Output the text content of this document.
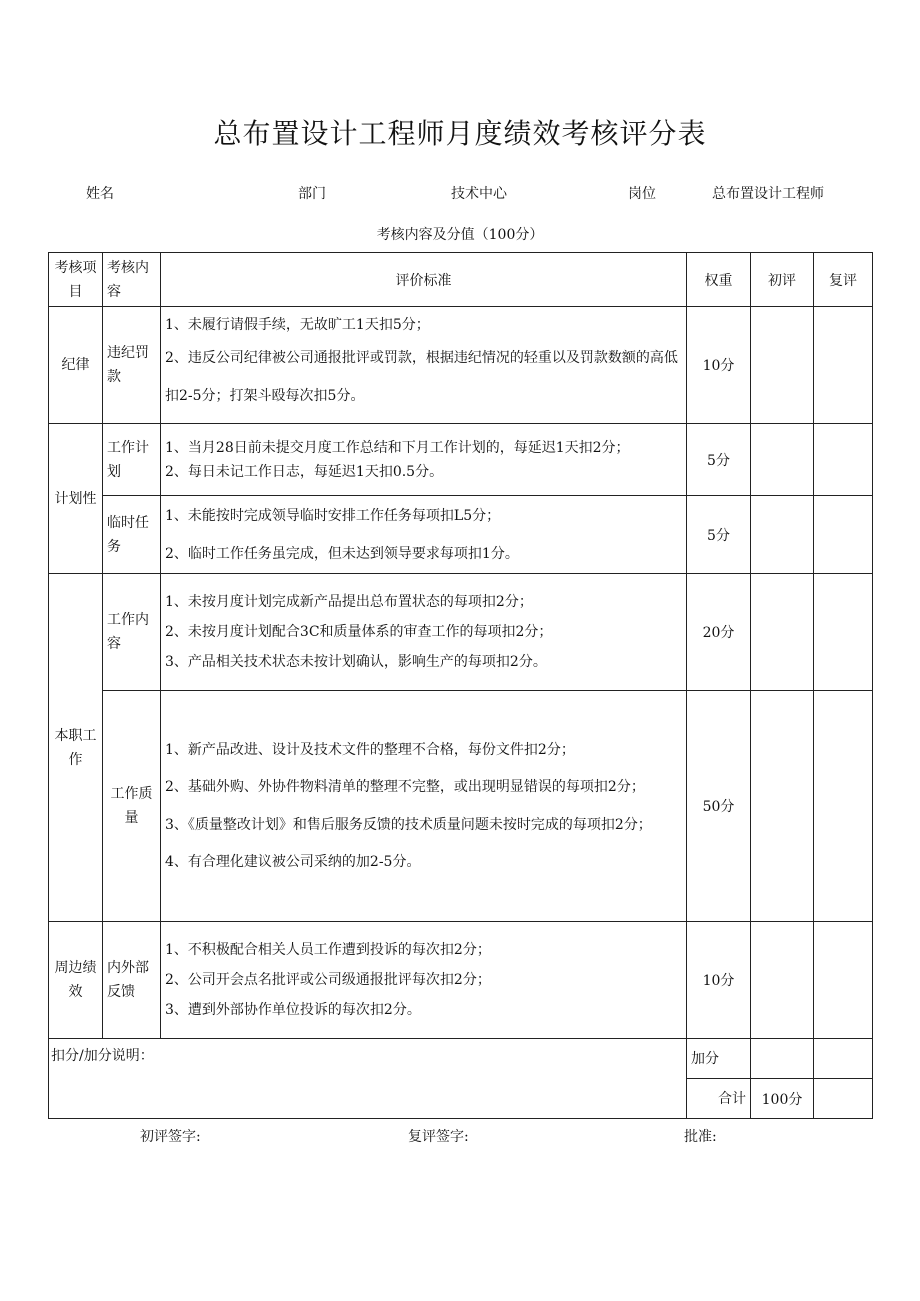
总布置设计工程师月度绩效考核评分表
姓名	部门	技术中心	岗位	总布置设计工程师
考核内容及分值（100分）
考核项目	考核内容	评价标准	权重	初评	复评
纪律	违纪罚款	1、未履行请假手续，无故旷工1天扣5分；
2、违反公司纪律被公司通报批评或罚款，根据违纪情况的轻重以及罚款数额的高低扣2-5分；打架斗殴每次扣5分。	10分		
计划性	工作计划	1、当月28日前未提交月度工作总结和下月工作计划的，每延迟1天扣2分；
2、每日未记工作日志，每延迟1天扣0.5分。	5分		
	临时任务	1、未能按时完成领导临时安排工作任务每项扣L5分；
2、临时工作任务虽完成，但未达到领导要求每项扣1分。	5分		
本职工作	工作内容	1、未按月度计划完成新产品提出总布置状态的每项扣2分；
2、未按月度计划配合3C和质量体系的审查工作的每项扣2分；
3、产品相关技术状态未按计划确认，影响生产的每项扣2分。	20分		
	工作质量	1、新产品改进、设计及技术文件的整理不合格，每份文件扣2分；
2、基础外购、外协件物料清单的整理不完整，或出现明显错误的每项扣2分；
3、《质量整改计划》和售后服务反馈的技术质量问题未按时完成的每项扣2分；
4、有合理化建议被公司采纳的加2-5分。	50分		
周边绩效	内外部反馈	1、不积极配合相关人员工作遭到投诉的每次扣2分；
2、公司开会点名批评或公司级通报批评每次扣2分；
3、遭到外部协作单位投诉的每次扣2分。	10分		
扣分/加分说明：			加分		
			合计	100分	
初评签字:	复评签字:	批准:
